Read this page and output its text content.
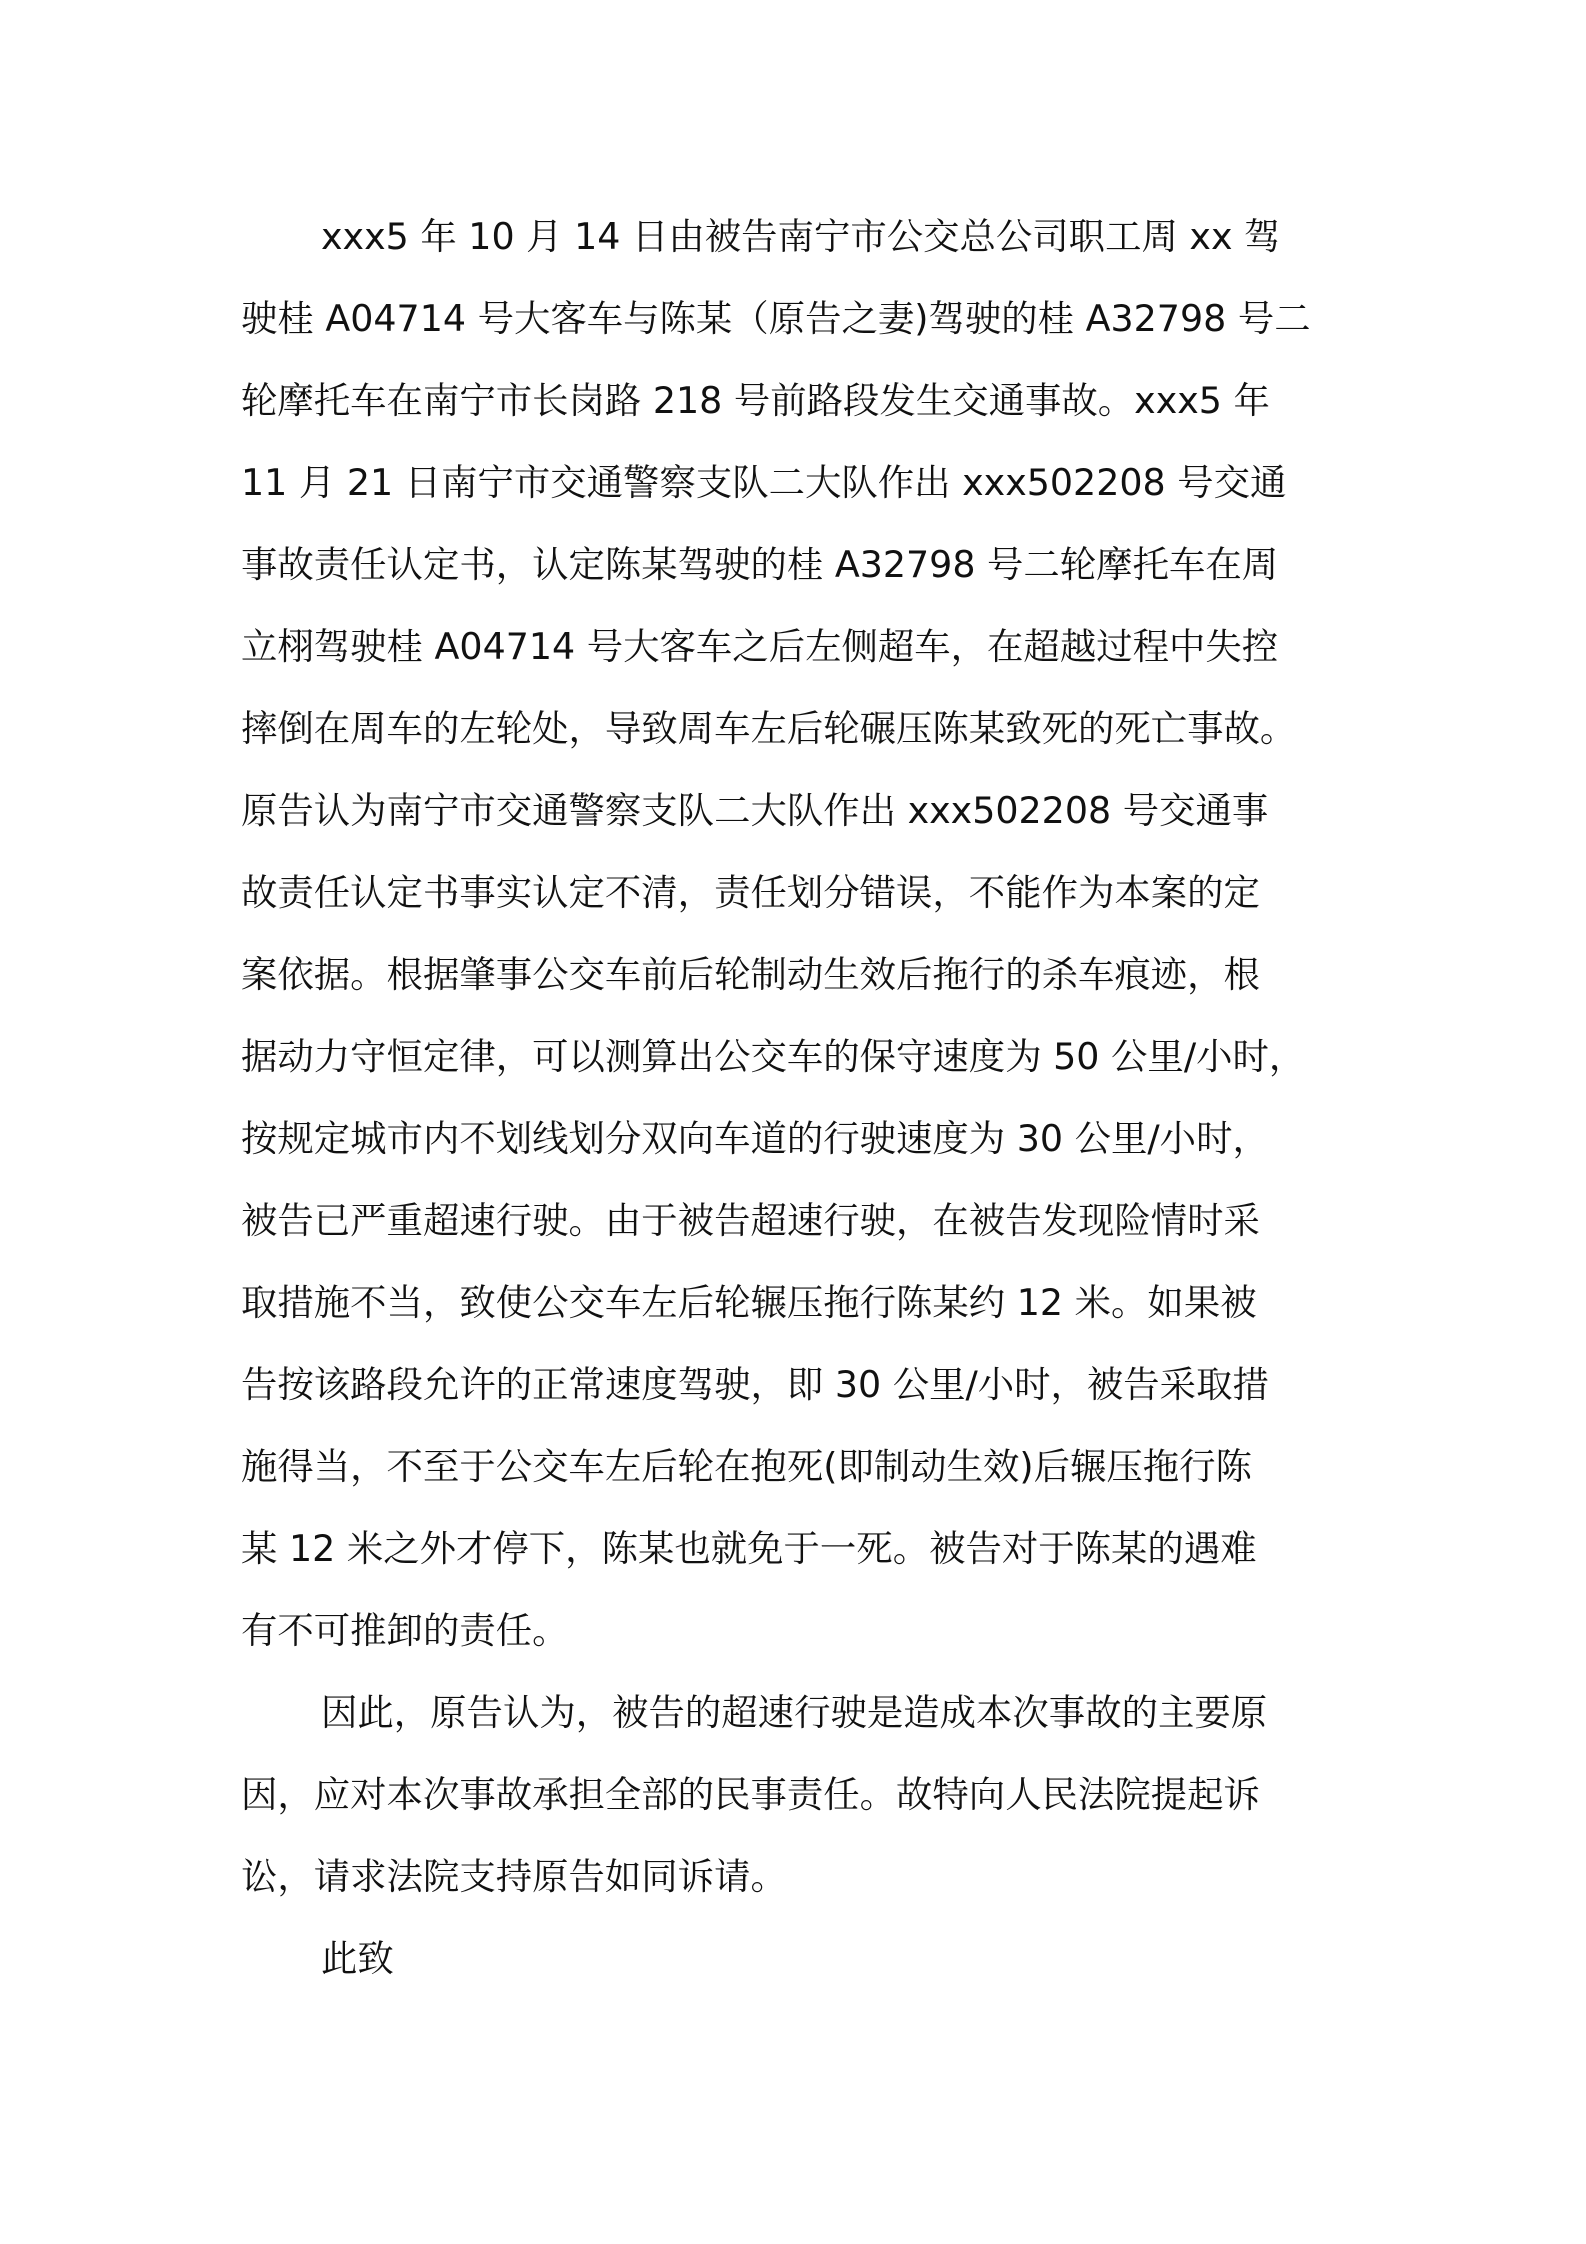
xxx5 年 10 月 14 日由被告南宁市公交总公司职工周 xx 驾
驶桂 A04714 号大客车与陈某（原告之妻)驾驶的桂 A32798 号二
轮摩托车在南宁市长岗路 218 号前路段发生交通事故。xxx5 年
11 月 21 日南宁市交通警察支队二大队作出 xxx502208 号交通
事故责任认定书，认定陈某驾驶的桂 A32798 号二轮摩托车在周
立栩驾驶桂 A04714 号大客车之后左侧超车，在超越过程中失控
摔倒在周车的左轮处，导致周车左后轮碾压陈某致死的死亡事故。
原告认为南宁市交通警察支队二大队作出 xxx502208 号交通事
故责任认定书事实认定不清，责任划分错误，不能作为本案的定
案依据。根据肇事公交车前后轮制动生效后拖行的杀车痕迹，根
据动力守恒定律，可以测算出公交车的保守速度为 50 公里/小时，
按规定城市内不划线划分双向车道的行驶速度为 30 公里/小时，
被告已严重超速行驶。由于被告超速行驶，在被告发现险情时采
取措施不当，致使公交车左后轮辗压拖行陈某约 12 米。如果被
告按该路段允许的正常速度驾驶，即 30 公里/小时，被告采取措
施得当，不至于公交车左后轮在抱死(即制动生效)后辗压拖行陈
某 12 米之外才停下，陈某也就免于一死。被告对于陈某的遇难
有不可推卸的责任。
因此，原告认为，被告的超速行驶是造成本次事故的主要原
因，应对本次事故承担全部的民事责任。故特向人民法院提起诉
讼，请求法院支持原告如同诉请。
此致
